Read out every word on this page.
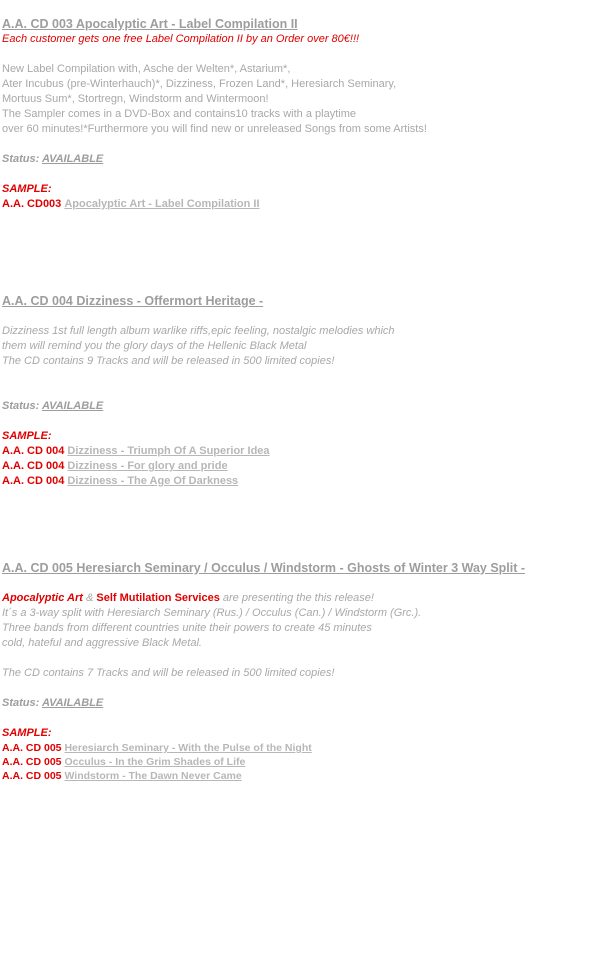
A.A. CD 003 Apocalyptic Art - Label Compilation II

Each customer gets one free Label Compilation II by an Order over 80€!!!

New Label Compilation with, Asche der Welten*, Astarium*,

Ater Incubus (pre-Winterhauch)*, Dizziness, Frozen Land*, Heresiarch Seminary,

Mortuus Sum*, Stortregn, Windstorm and Wintermoon!

The Sampler comes in a DVD-Box and contains10 tracks with a playtime

over 60 minutes!*Furthermore you will find new or unreleased Songs from some Artists!

Status: AVAILABLE

SAMPLE:

A.A. CD003 Apocalyptic Art - Label Compilation II

A.A. CD 004 Dizziness - Offermort Heritage -

Dizziness 1st full length album warlike riffs,epic feeling, nostalgic melodies which

them will remind you the glory days of the Hellenic Black Metal

The CD contains 9 Tracks and will be released in 500 limited copies!

Status: AVAILABLE

SAMPLE:

A.A. CD 004 Dizziness - Triumph Of A Superior Idea

A.A. CD 004 Dizziness - For glory and pride

A.A. CD 004 Dizziness - The Age Of Darkness

A.A. CD 005 Heresiarch Seminary / Occulus / Windstorm - Ghosts of Winter 3 Way Split -

Apocalyptic Art & Self Mutilation Services are presenting the this release!

It´s a 3-way split with Heresiarch Seminary (Rus.) / Occulus (Can.) / Windstorm (Grc.).

Three bands from different countries unite their powers to create 45 minutes

cold, hateful and aggressive Black Metal.

The CD contains 7 Tracks and will be released in 500 limited copies!

Status: AVAILABLE

SAMPLE:

A.A. CD 005 Heresiarch Seminary - With the Pulse of the Night

A.A. CD 005 Occulus - In the Grim Shades of Life

A.A. CD 005 Windstorm - The Dawn Never Came
